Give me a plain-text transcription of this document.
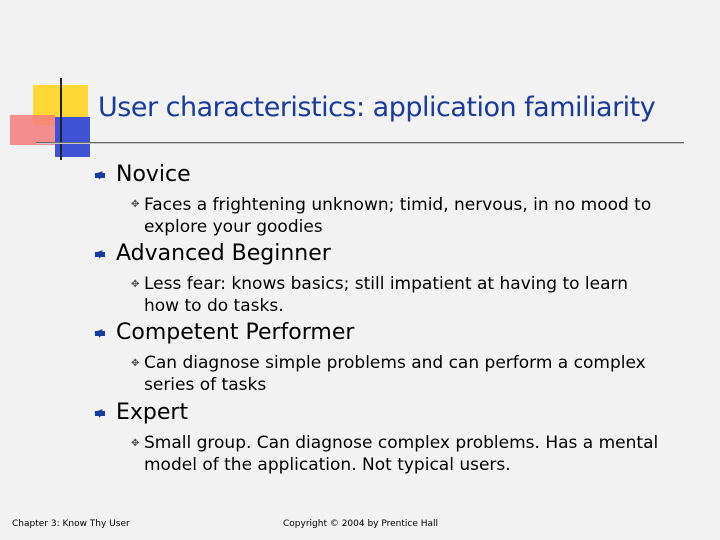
User characteristics: application familiarity
Novice
✥ Faces a frightening unknown; timid, nervous, in no mood to explore your goodies
Advanced Beginner
✥ Less fear: knows basics; still impatient at having to learn how to do tasks.
Competent Performer
✥ Can diagnose simple problems and can perform a complex series of tasks
Expert
✥ Small group. Can diagnose complex problems. Has a mental model of the application. Not typical users.
Chapter 3: Know Thy User	Copyright © 2004 by Prentice Hall
